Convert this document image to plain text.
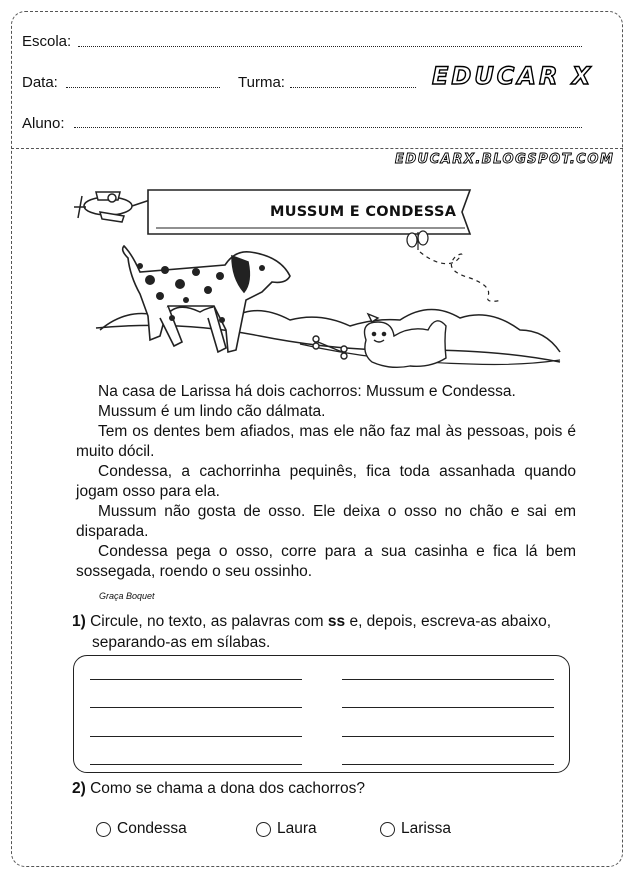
Escola:
Data:	Turma:	EDUCAR X
Aluno:
EDUCARX.BLOGSPOT.COM
MUSSUM E CONDESSA

Na casa de Larissa há dois cachorros: Mussum e Condessa.

Mussum é um lindo cão dálmata.

Tem os dentes bem afiados, mas ele não faz mal às pessoas, pois é muito dócil.

Condessa, a cachorrinha pequinês, fica toda assanhada quando jogam osso para ela.

Mussum não gosta de osso. Ele deixa o osso no chão e sai em disparada.

Condessa pega o osso, corre para a sua casinha e fica lá bem sossegada, roendo o seu ossinho.

Graça Boquet
1) Circule, no texto, as palavras com ss e, depois, escreva-as abaixo,
separando-as em sílabas.
2) Como se chama a dona dos cachorros?
Condessa	Laura	Larissa
